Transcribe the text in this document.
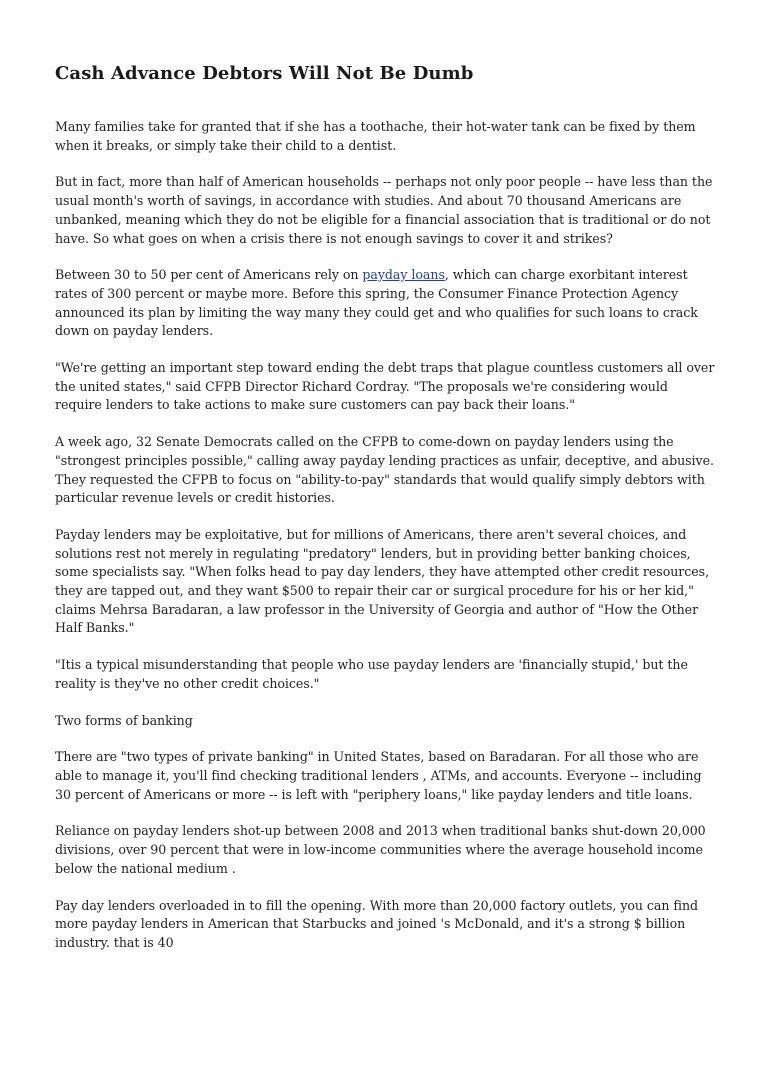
Cash Advance Debtors Will Not Be Dumb

Many families take for granted that if she has a toothache, their hot-water tank can be fixed by them when it breaks, or simply take their child to a dentist.

But in fact, more than half of American households -- perhaps not only poor people -- have less than the usual month's worth of savings, in accordance with studies. And about 70 thousand Americans are unbanked, meaning which they do not be eligible for a financial association that is traditional or do not have. So what goes on when a crisis there is not enough savings to cover it and strikes?

Between 30 to 50 per cent of Americans rely on payday loans, which can charge exorbitant interest rates of 300 percent or maybe more. Before this spring, the Consumer Finance Protection Agency announced its plan by limiting the way many they could get and who qualifies for such loans to crack down on payday lenders.

"We're getting an important step toward ending the debt traps that plague countless customers all over the united states," said CFPB Director Richard Cordray. "The proposals we're considering would require lenders to take actions to make sure customers can pay back their loans."

A week ago, 32 Senate Democrats called on the CFPB to come-down on payday lenders using the "strongest principles possible," calling away payday lending practices as unfair, deceptive, and abusive. They requested the CFPB to focus on "ability-to-pay" standards that would qualify simply debtors with particular revenue levels or credit histories.

Payday lenders may be exploitative, but for millions of Americans, there aren't several choices, and solutions rest not merely in regulating "predatory" lenders, but in providing better banking choices, some specialists say. "When folks head to pay day lenders, they have attempted other credit resources, they are tapped out, and they want $500 to repair their car or surgical procedure for his or her kid," claims Mehrsa Baradaran, a law professor in the University of Georgia and author of "How the Other Half Banks."

"Itis a typical misunderstanding that people who use payday lenders are 'financially stupid,' but the reality is they've no other credit choices."

Two forms of banking

There are "two types of private banking" in United States, based on Baradaran. For all those who are able to manage it, you'll find checking traditional lenders , ATMs, and accounts. Everyone -- including 30 percent of Americans or more -- is left with "periphery loans," like payday lenders and title loans.

Reliance on payday lenders shot-up between 2008 and 2013 when traditional banks shut-down 20,000 divisions, over 90 percent that were in low-income communities where the average household income below the national medium .

Pay day lenders overloaded in to fill the opening. With more than 20,000 factory outlets, you can find more payday lenders in American that Starbucks and joined 's McDonald, and it's a strong $ billion industry. that is 40
